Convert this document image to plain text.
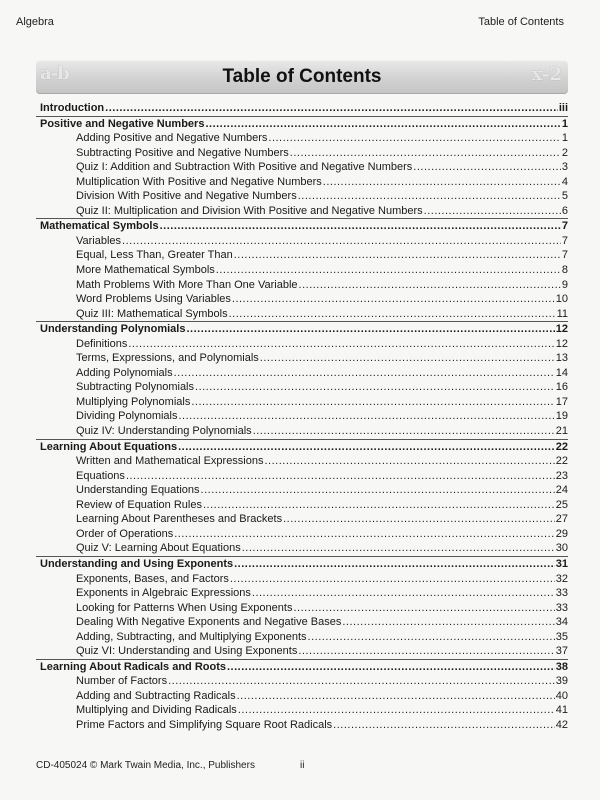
Algebra	Table of Contents
a-b	Table of Contents	x-2
Introduction .....	iii
Positive and Negative Numbers .....	1
Adding Positive and Negative Numbers .....	1
Subtracting Positive and Negative Numbers .....	2
Quiz I: Addition and Subtraction With Positive and Negative Numbers .....	3
Multiplication With Positive and Negative Numbers .....	4
Division With Positive and Negative Numbers .....	5
Quiz II: Multiplication and Division With Positive and Negative Numbers .....	6
Mathematical Symbols .....	7
Variables .....	7
Equal, Less Than, Greater Than .....	7
More Mathematical Symbols .....	8
Math Problems With More Than One Variable .....	9
Word Problems Using Variables .....	10
Quiz III: Mathematical Symbols .....	11
Understanding Polynomials .....	12
Definitions .....	12
Terms, Expressions, and Polynomials .....	13
Adding Polynomials .....	14
Subtracting Polynomials .....	16
Multiplying Polynomials .....	17
Dividing Polynomials .....	19
Quiz IV: Understanding Polynomials .....	21
Learning About Equations .....	22
Written and Mathematical Expressions .....	22
Equations .....	23
Understanding Equations .....	24
Review of Equation Rules .....	25
Learning About Parentheses and Brackets .....	27
Order of Operations .....	29
Quiz V: Learning About Equations .....	30
Understanding and Using Exponents .....	31
Exponents, Bases, and Factors .....	32
Exponents in Algebraic Expressions .....	33
Looking for Patterns When Using Exponents .....	33
Dealing With Negative Exponents and Negative Bases .....	34
Adding, Subtracting, and Multiplying Exponents .....	35
Quiz VI: Understanding and Using Exponents .....	37
Learning About Radicals and Roots .....	38
Number of Factors .....	39
Adding and Subtracting Radicals .....	40
Multiplying and Dividing Radicals .....	41
Prime Factors and Simplifying Square Root Radicals .....	42
CD-405024 © Mark Twain Media, Inc., Publishers	ii
